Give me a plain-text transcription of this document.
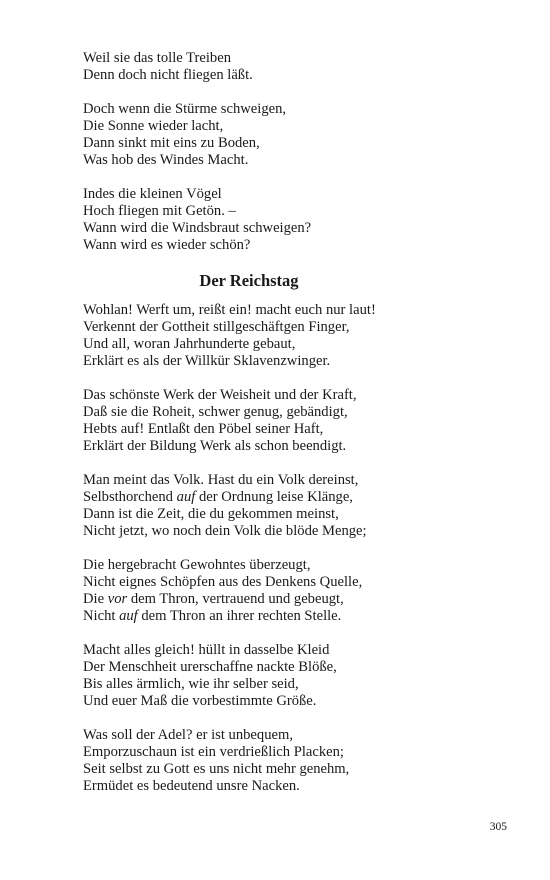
Weil sie das tolle Treiben
Denn doch nicht fliegen läßt.
Doch wenn die Stürme schweigen,
Die Sonne wieder lacht,
Dann sinkt mit eins zu Boden,
Was hob des Windes Macht.
Indes die kleinen Vögel
Hoch fliegen mit Getön. –
Wann wird die Windsbraut schweigen?
Wann wird es wieder schön?
Der Reichstag
Wohlan! Werft um, reißt ein! macht euch nur laut!
Verkennt der Gottheit stillgeschäftgen Finger,
Und all, woran Jahrhunderte gebaut,
Erklärt es als der Willkür Sklavenzwinger.
Das schönste Werk der Weisheit und der Kraft,
Daß sie die Roheit, schwer genug, gebändigt,
Hebts auf! Entlaßt den Pöbel seiner Haft,
Erklärt der Bildung Werk als schon beendigt.
Man meint das Volk. Hast du ein Volk dereinst,
Selbsthorchend auf der Ordnung leise Klänge,
Dann ist die Zeit, die du gekommen meinst,
Nicht jetzt, wo noch dein Volk die blöde Menge;
Die hergebracht Gewohntes überzeugt,
Nicht eignes Schöpfen aus des Denkens Quelle,
Die vor dem Thron, vertrauend und gebeugt,
Nicht auf dem Thron an ihrer rechten Stelle.
Macht alles gleich! hüllt in dasselbe Kleid
Der Menschheit urerschaffne nackte Blöße,
Bis alles ärmlich, wie ihr selber seid,
Und euer Maß die vorbestimmte Größe.
Was soll der Adel? er ist unbequem,
Emporzuschaun ist ein verdrießlich Placken;
Seit selbst zu Gott es uns nicht mehr genehm,
Ermüdet es bedeutend unsre Nacken.
305
